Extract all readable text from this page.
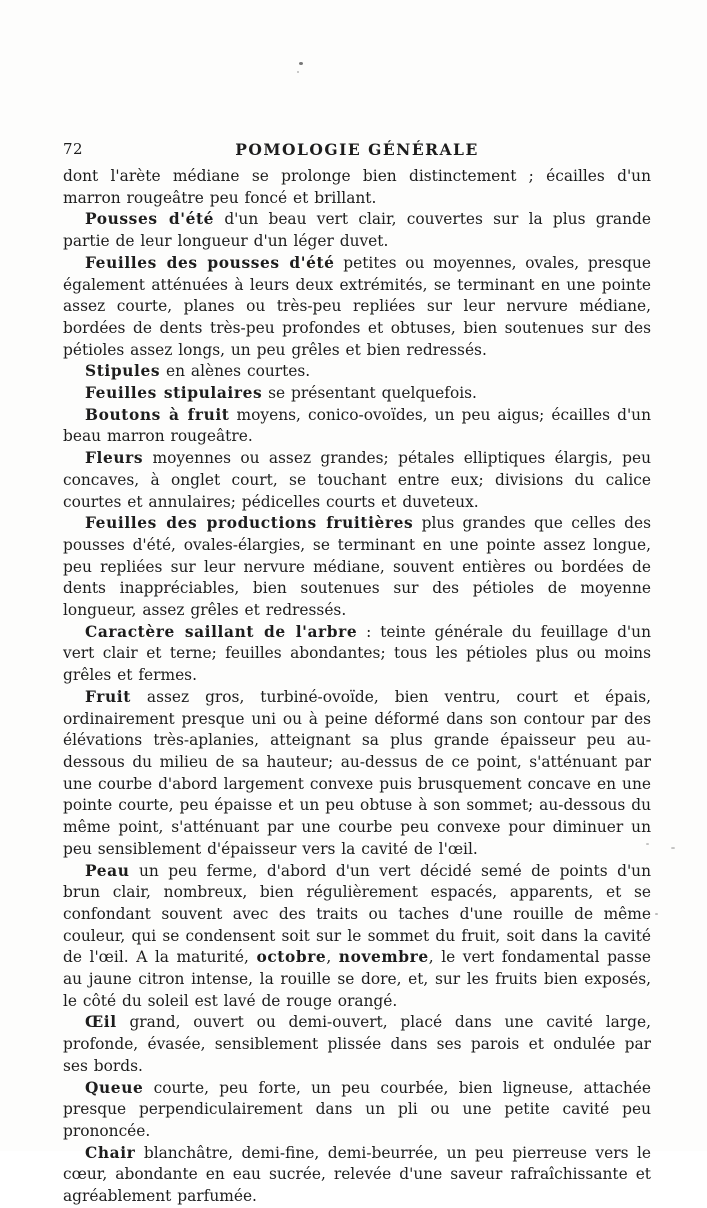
72	POMOLOGIE GÉNÉRALE

dont l'arète médiane se prolonge bien distinctement ; écailles d'un marron rougeâtre peu foncé et brillant.

Pousses d'été d'un beau vert clair, couvertes sur la plus grande partie de leur longueur d'un léger duvet.

Feuilles des pousses d'été petites ou moyennes, ovales, presque également atténuées à leurs deux extrémités, se terminant en une pointe assez courte, planes ou très-peu repliées sur leur nervure médiane, bordées de dents très-peu profondes et obtuses, bien soutenues sur des pétioles assez longs, un peu grêles et bien redressés.

Stipules en alènes courtes.

Feuilles stipulaires se présentant quelquefois.

Boutons à fruit moyens, conico-ovoïdes, un peu aigus; écailles d'un beau marron rougeâtre.

Fleurs moyennes ou assez grandes; pétales elliptiques élargis, peu concaves, à onglet court, se touchant entre eux; divisions du calice courtes et annulaires; pédicelles courts et duveteux.

Feuilles des productions fruitières plus grandes que celles des pousses d'été, ovales-élargies, se terminant en une pointe assez longue, peu repliées sur leur nervure médiane, souvent entières ou bordées de dents inappréciables, bien soutenues sur des pétioles de moyenne longueur, assez grêles et redressés.

Caractère saillant de l'arbre : teinte générale du feuillage d'un vert clair et terne; feuilles abondantes; tous les pétioles plus ou moins grêles et fermes.

Fruit assez gros, turbiné-ovoïde, bien ventru, court et épais, ordinairement presque uni ou à peine déformé dans son contour par des élévations très-aplanies, atteignant sa plus grande épaisseur peu au-dessous du milieu de sa hauteur; au-dessus de ce point, s'atténuant par une courbe d'abord largement convexe puis brusquement concave en une pointe courte, peu épaisse et un peu obtuse à son sommet; au-dessous du même point, s'atténuant par une courbe peu convexe pour diminuer un peu sensiblement d'épaisseur vers la cavité de l'œil.

Peau un peu ferme, d'abord d'un vert décidé semé de points d'un brun clair, nombreux, bien régulièrement espacés, apparents, et se confondant souvent avec des traits ou taches d'une rouille de même couleur, qui se condensent soit sur le sommet du fruit, soit dans la cavité de l'œil. A la maturité, octobre, novembre, le vert fondamental passe au jaune citron intense, la rouille se dore, et, sur les fruits bien exposés, le côté du soleil est lavé de rouge orangé.

Œil grand, ouvert ou demi-ouvert, placé dans une cavité large, profonde, évasée, sensiblement plissée dans ses parois et ondulée par ses bords.

Queue courte, peu forte, un peu courbée, bien ligneuse, attachée presque perpendiculairement dans un pli ou une petite cavité peu prononcée.

Chair blanchâtre, demi-fine, demi-beurrée, un peu pierreuse vers le cœur, abondante en eau sucrée, relevée d'une saveur rafraîchissante et agréablement parfumée.
